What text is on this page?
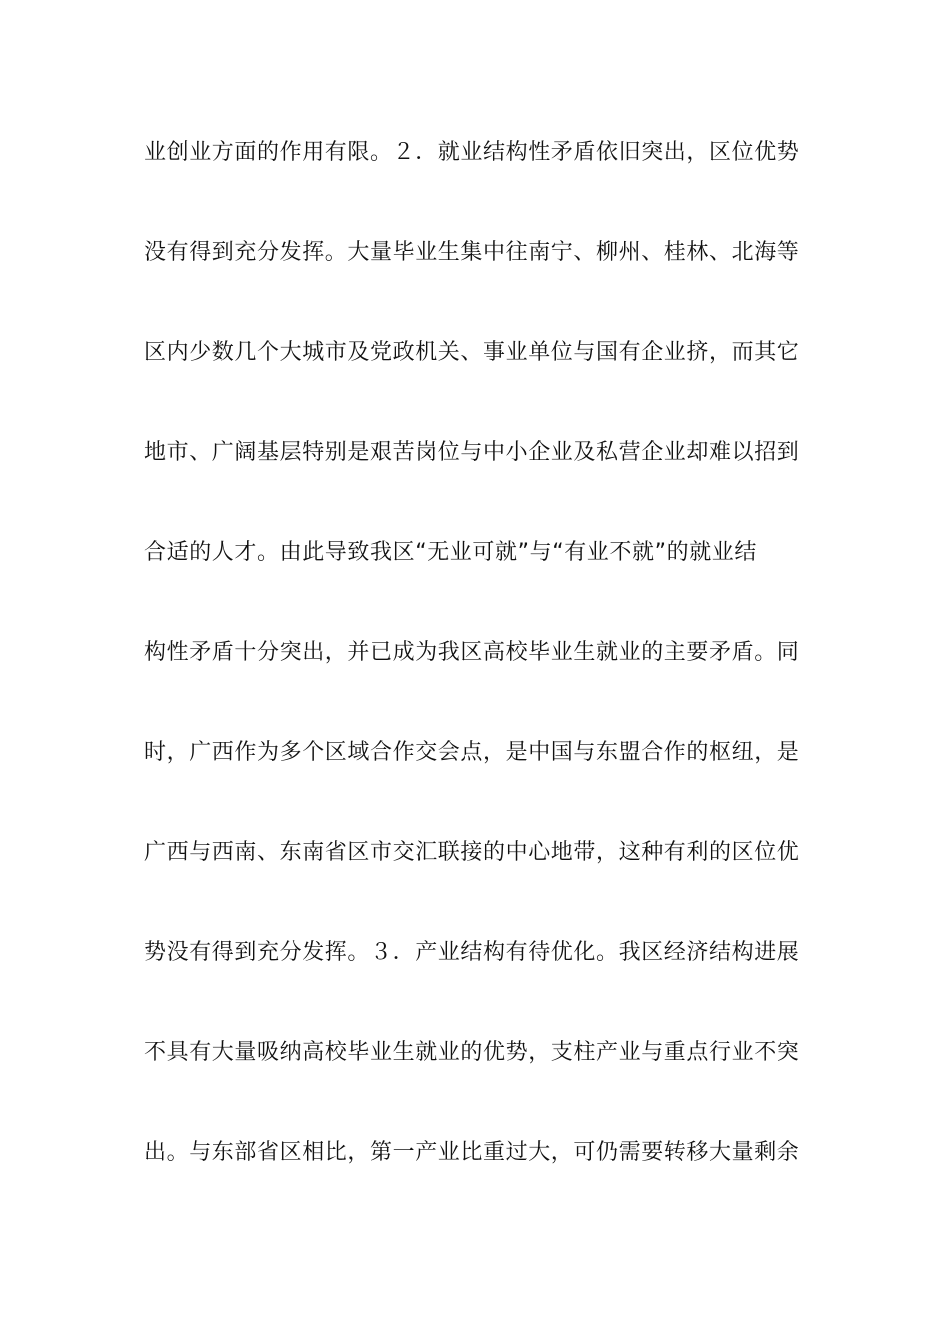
业创业方面的作用有限。２．就业结构性矛盾依旧突出，区位优势
没有得到充分发挥。大量毕业生集中往南宁、柳州、桂林、北海等
区内少数几个大城市及党政机关、事业单位与国有企业挤，而其它
地市、广阔基层特别是艰苦岗位与中小企业及私营企业却难以招到
合适的人才。由此导致我区“无业可就”与“有业不就”的就业结
构性矛盾十分突出，并已成为我区高校毕业生就业的主要矛盾。同
时，广西作为多个区域合作交会点，是中国与东盟合作的枢纽，是
广西与西南、东南省区市交汇联接的中心地带，这种有利的区位优
势没有得到充分发挥。３．产业结构有待优化。我区经济结构进展
不具有大量吸纳高校毕业生就业的优势，支柱产业与重点行业不突
出。与东部省区相比，第一产业比重过大，可仍需要转移大量剩余
